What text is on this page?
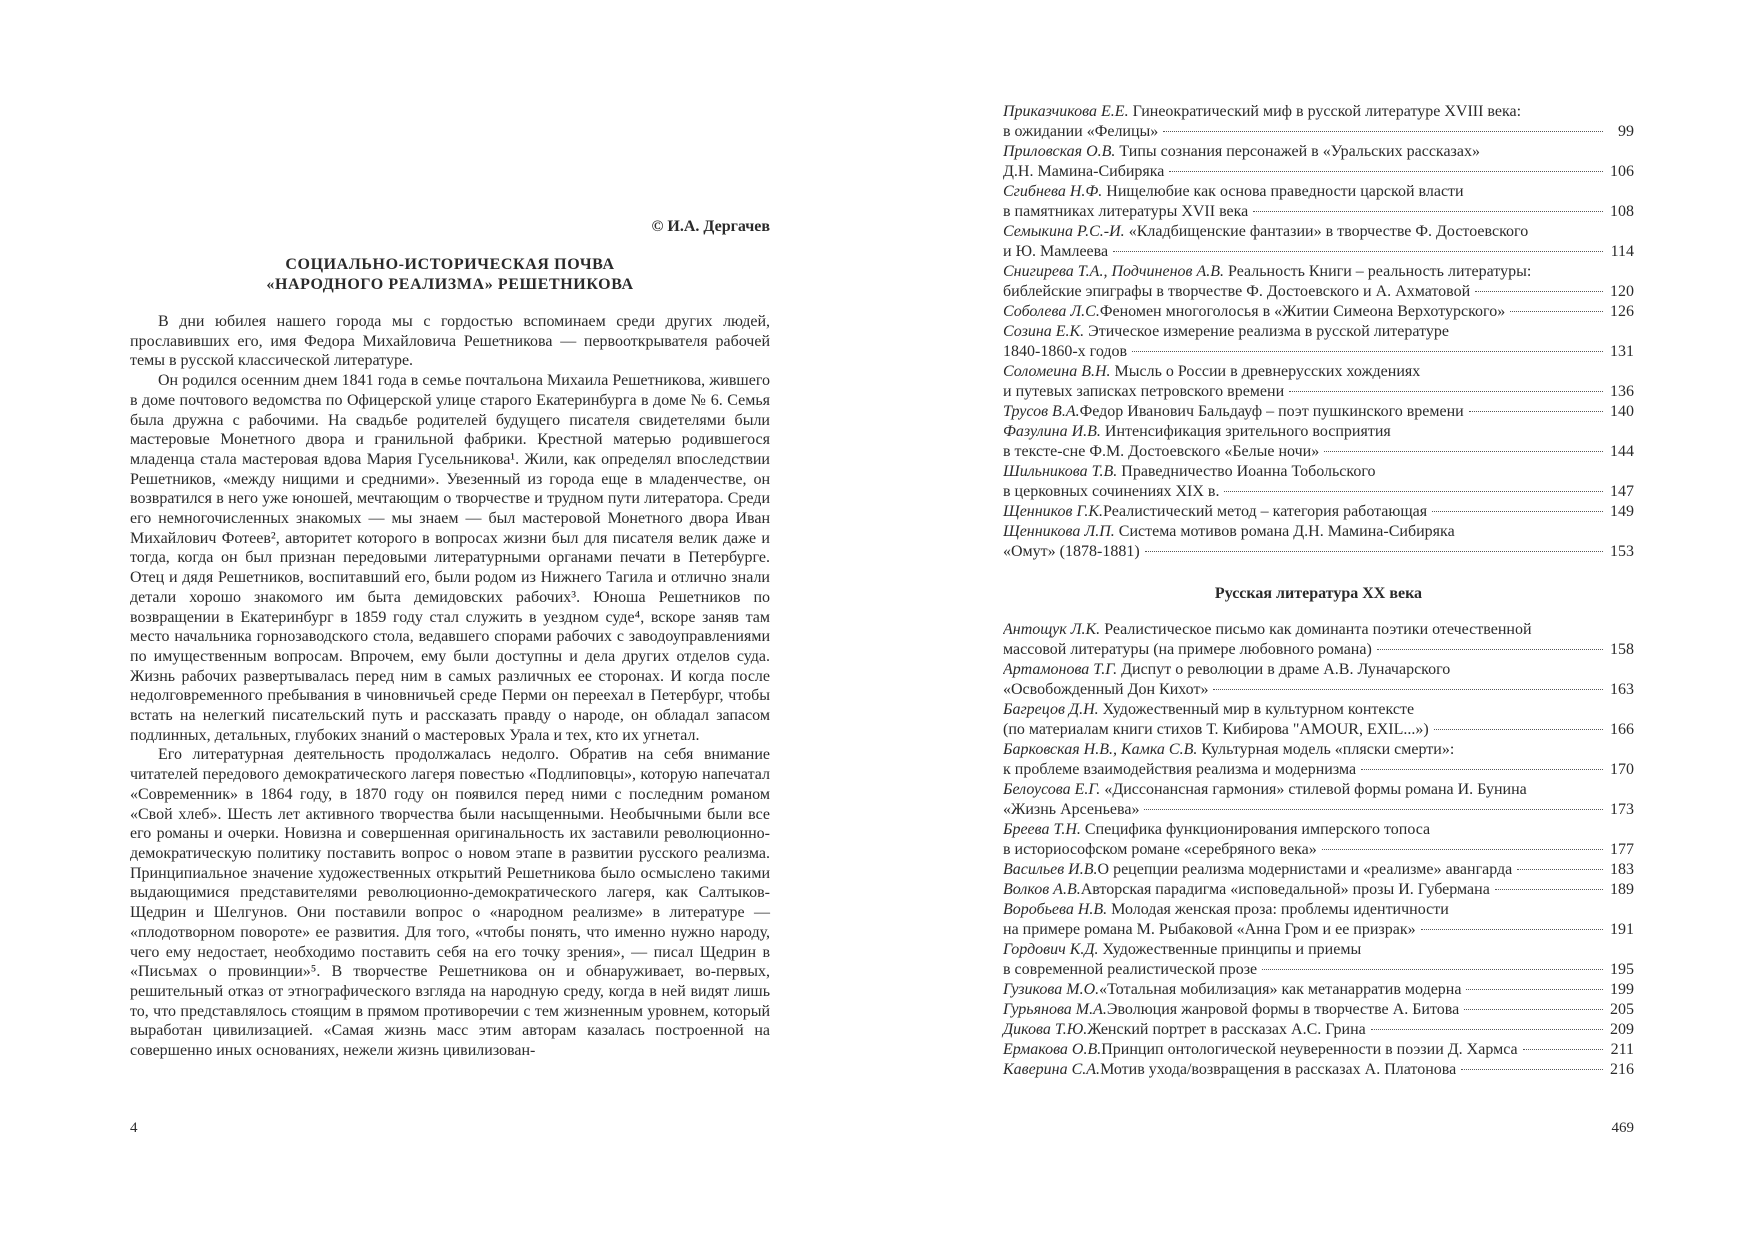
© И.А. Дергачев
СОЦИАЛЬНО-ИСТОРИЧЕСКАЯ ПОЧВА
«НАРОДНОГО РЕАЛИЗМА» РЕШЕТНИКОВА

В дни юбилея нашего города мы с гордостью вспоминаем среди других людей, прославивших его, имя Федора Михайловича Решетникова — первооткрывателя рабочей темы в русской классической литературе.

Он родился осенним днем 1841 года в семье почтальона Михаила Решетникова, жившего в доме почтового ведомства по Офицерской улице старого Екатеринбурга в доме № 6. Семья была дружна с рабочими. На свадьбе родителей будущего писателя свидетелями были мастеровые Монетного двора и гранильной фабрики. Крестной матерью родившегося младенца стала мастеровая вдова Мария Гусельникова¹. Жили, как определял впоследствии Решетников, «между нищими и средними». Увезенный из города еще в младенчестве, он возвратился в него уже юношей, мечтающим о творчестве и трудном пути литератора. Среди его немногочисленных знакомых — мы знаем — был мастеровой Монетного двора Иван Михайлович Фотеев², авторитет которого в вопросах жизни был для писателя велик даже и тогда, когда он был признан передовыми литературными органами печати в Петербурге. Отец и дядя Решетников, воспитавший его, были родом из Нижнего Тагила и отлично знали детали хорошо знакомого им быта демидовских рабочих³. Юноша Решетников по возвращении в Екатеринбург в 1859 году стал служить в уездном суде⁴, вскоре заняв там место начальника горнозаводского стола, ведавшего спорами рабочих с заводоуправлениями по имущественным вопросам. Впрочем, ему были доступны и дела других отделов суда. Жизнь рабочих развертывалась перед ним в самых различных ее сторонах. И когда после недолговременного пребывания в чиновничьей среде Перми он переехал в Петербург, чтобы встать на нелегкий писательский путь и рассказать правду о народе, он обладал запасом подлинных, детальных, глубоких знаний о мастеровых Урала и тех, кто их угнетал.

Его литературная деятельность продолжалась недолго. Обратив на себя внимание читателей передового демократического лагеря повестью «Подлиповцы», которую напечатал «Современник» в 1864 году, в 1870 году он появился перед ними с последним романом «Свой хлеб». Шесть лет активного творчества были насыщенными. Необычными были все его романы и очерки. Новизна и совершенная оригинальность их заставили революционно-демократическую политику поставить вопрос о новом этапе в развитии русского реализма. Принципиальное значение художественных открытий Решетникова было осмыслено такими выдающимися представителями революционно-демократического лагеря, как Салтыков-Щедрин и Шелгунов. Они поставили вопрос о «народном реализме» в литературе — «плодотворном повороте» ее развития. Для того, «чтобы понять, что именно нужно народу, чего ему недостает, необходимо поставить себя на его точку зрения», — писал Щедрин в «Письмах о провинции»⁵. В творчестве Решетникова он и обнаруживает, во-первых, решительный отказ от этнографического взгляда на народную среду, когда в ней видят лишь то, что представлялось стоящим в прямом противоречии с тем жизненным уровнем, который выработан цивилизацией. «Самая жизнь масс этим авторам казалась построенной на совершенно иных основаниях, нежели жизнь цивилизован-

4
Приказчикова Е.Е. Гинеократический миф в русской литературе XVIII века:
в ожидании «Фелицы»	99
Приловская О.В. Типы сознания персонажей в «Уральских рассказах»
Д.Н. Мамина-Сибиряка	106
Сгибнева Н.Ф. Нищелюбие как основа праведности царской власти
в памятниках литературы XVII века	108
Семыкина Р.С.-И. «Кладбищенские фантазии» в творчестве Ф. Достоевского
и Ю. Мамлеева	114
Снигирева Т.А., Подчиненов А.В. Реальность Книги – реальность литературы:
библейские эпиграфы в творчестве Ф. Достоевского и А. Ахматовой	120
Соболева Л.С. Феномен многоголосья в «Житии Симеона Верхотурского»	126
Созина Е.К. Этическое измерение реализма в русской литературе
1840-1860-х годов	131
Соломеина В.Н. Мысль о России в древнерусских хождениях
и путевых записках петровского времени	136
Трусов В.А. Федор Иванович Бальдауф – поэт пушкинского времени	140
Фазулина И.В. Интенсификация зрительного восприятия
в тексте-сне Ф.М. Достоевского «Белые ночи»	144
Шильникова Т.В. Праведничество Иоанна Тобольского
в церковных сочинениях XIX в.	147
Щенников Г.К. Реалистический метод – категория работающая	149
Щенникова Л.П. Система мотивов романа Д.Н. Мамина-Сибиряка
«Омут» (1878-1881)	153
Русская литература XX века
Антощук Л.К. Реалистическое письмо как доминанта поэтики отечественной
массовой литературы (на примере любовного романа)	158
Артамонова Т.Г. Диспут о революции в драме А.В. Луначарского
«Освобожденный Дон Кихот»	163
Багрецов Д.Н. Художественный мир в культурном контексте
(по материалам книги стихов Т. Кибирова "AMOUR, EXIL...»)	166
Барковская Н.В., Камка С.В. Культурная модель «пляски смерти»:
к проблеме взаимодействия реализма и модернизма	170
Белоусова Е.Г. «Диссонансная гармония» стилевой формы романа И. Бунина
«Жизнь Арсеньева»	173
Бреева Т.Н. Специфика функционирования имперского топоса
в историософском романе «серебряного века»	177
Васильев И.В. О рецепции реализма модернистами и «реализме» авангарда	183
Волков А.В. Авторская парадигма «исповедальной» прозы И. Губермана	189
Воробьева Н.В. Молодая женская проза: проблемы идентичности
на примере романа М. Рыбаковой «Анна Гром и ее призрак»	191
Гордович К.Д. Художественные принципы и приемы
в современной реалистической прозе	195
Гузикова М.О. «Тотальная мобилизация» как метанарратив модерна	199
Гурьянова М.А. Эволюция жанровой формы в творчестве А. Битова	205
Дикова Т.Ю. Женский портрет в рассказах А.С. Грина	209
Ермакова О.В. Принцип онтологической неуверенности в поэзии Д. Хармса	211
Каверина С.А. Мотив ухода/возвращения в рассказах А. Платонова	216
469
